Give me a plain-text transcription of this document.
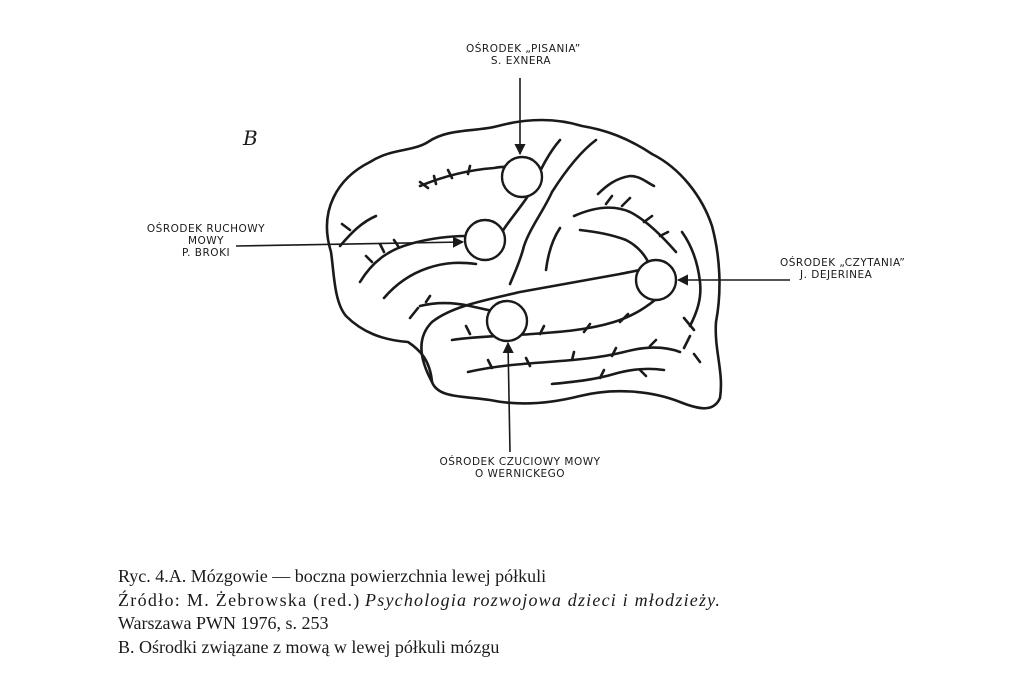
B
OŚRODEK „PISANIA”
S. EXNERA
OŚRODEK RUCHOWY
MOWY
P. BROKI
OŚRODEK „CZYTANIA”
J. DEJERINEA
OŚRODEK CZUCIOWY MOWY
O WERNICKEGO
Ryc. 4.A. Mózgowie — boczna powierzchnia lewej półkuli
Źródło: M. Żebrowska (red.) Psychologia rozwojowa dzieci i młodzieży.
Warszawa PWN 1976, s. 253
B. Ośrodki związane z mową w lewej półkuli mózgu
